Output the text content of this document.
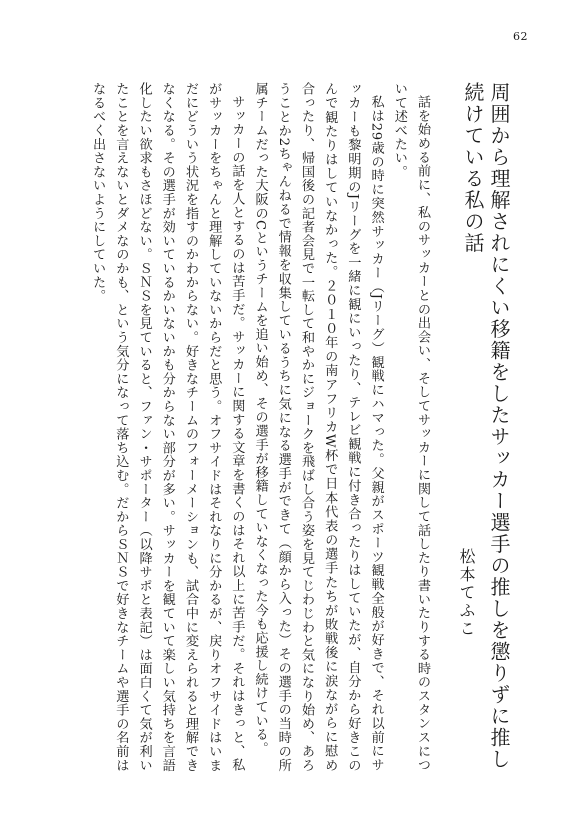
62
周囲から理解されにくい移籍をしたサッカー選手の推しを懲りずに推し続けている私の話
松本てふこ

話を始める前に、私のサッカーとの出会い、そしてサッカーに関して話したり書いたりする時のスタンスについて述べたい。

私は29歳の時に突然サッカー（Jリーグ）観戦にハマった。父親がスポーツ観戦全般が好きで、それ以前にサッカーも黎明期のJリーグを一緒に観にいったり、テレビ観戦に付き合ったりはしていたが、自分から好きこのんで観たりはしていなかった。２０１０年の南アフリカW杯で日本代表の選手たちが敗戦後に涙ながらに慰め合ったり、帰国後の記者会見で一転して和やかにジョークを飛ばし合う姿を見てじわじわと気になり始め、あろうことか2ちゃんねるで情報を収集しているうちに気になる選手ができて（顔から入った）その選手の当時の所属チームだった大阪のCというチームを追い始め、その選手が移籍していなくなった今も応援し続けている。

サッカーの話を人とするのは苦手だ。サッカーに関する文章を書くのはそれ以上に苦手だ。それはきっと、私がサッカーをちゃんと理解していないからだと思う。オフサイドはそれなりに分かるが、戻りオフサイドはいまだにどういう状況を指すのかわからない。好きなチームのフォーメーションも、試合中に変えられると理解できなくなる。その選手が効いているかいないかも分からない部分が多い。サッカーを観ていて楽しい気持ちを言語化したい欲求もさほどない。ＳＮＳを見ていると、ファン・サポーター（以降サポと表記）は面白くて気が利いたことを言えないとダメなのかも、という気分になって落ち込む。だからＳＮＳで好きなチームや選手の名前はなるべく出さないようにしていた。
